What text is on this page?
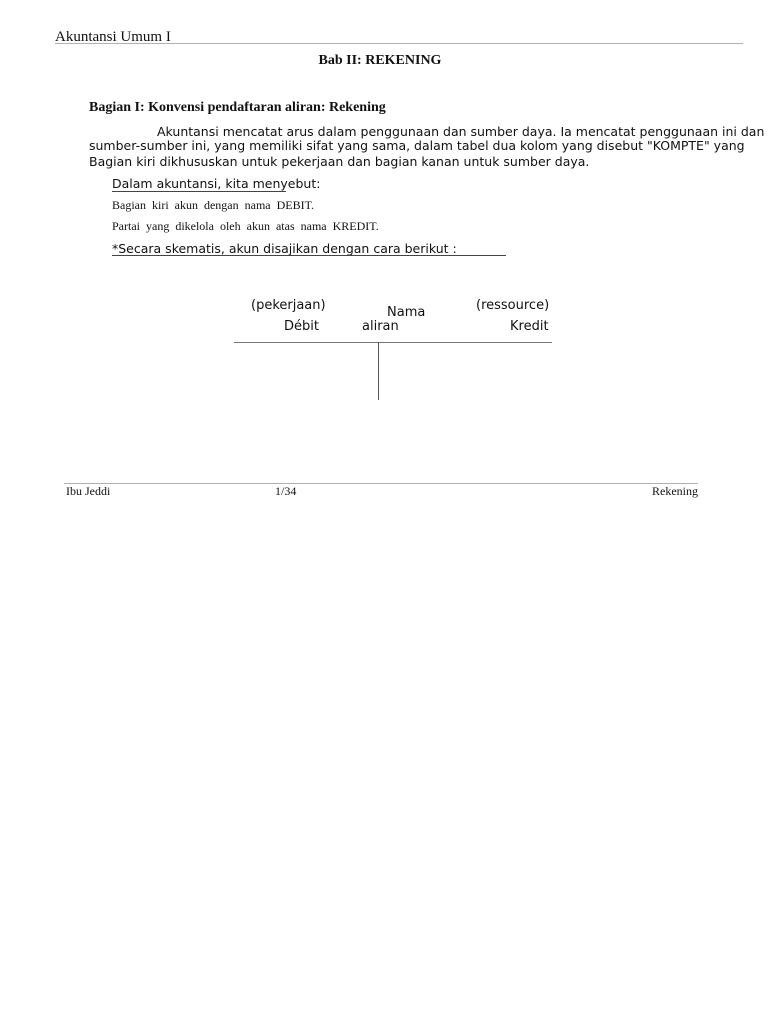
Akuntansi Umum I
Bab II: REKENING
Bagian I: Konvensi pendaftaran aliran: Rekening
Akuntansi mencatat arus dalam penggunaan dan sumber daya. Ia mencatat penggunaan ini dan
sumber-sumber ini, yang memiliki sifat yang sama, dalam tabel dua kolom yang disebut "KOMPTE" yang
Bagian kiri dikhususkan untuk pekerjaan dan bagian kanan untuk sumber daya.
Dalam akuntansi, kita menyebut:
Bagian kiri akun dengan nama DEBIT.
Partai yang dikelola oleh akun atas nama KREDIT.
*Secara skematis, akun disajikan dengan cara berikut :
(pekerjaan)
Débit
Nama
aliran
(ressource)
Kredit
Ibu Jeddi	1/34	Rekening
